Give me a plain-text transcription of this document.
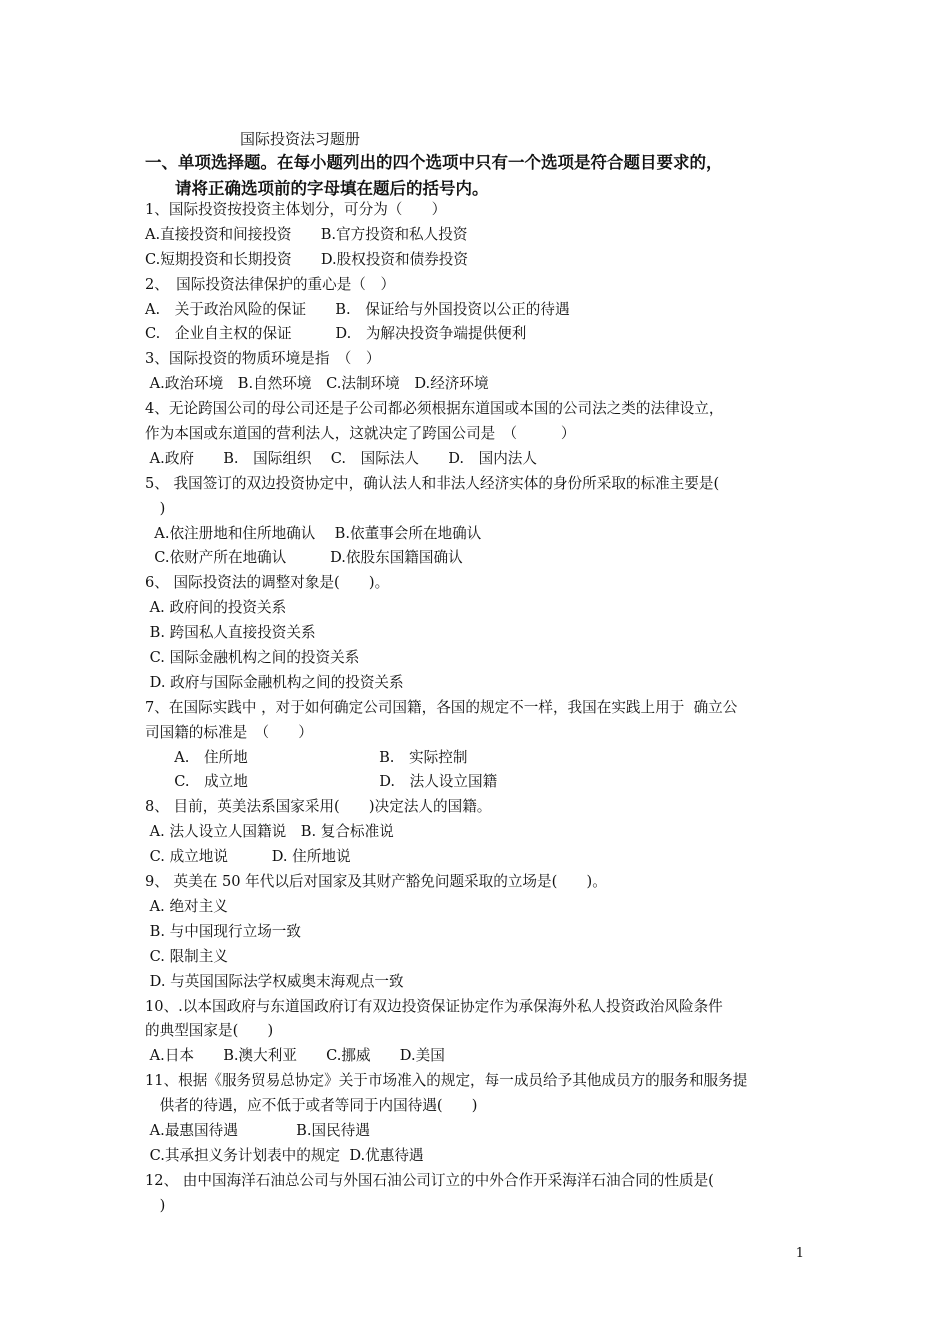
国际投资法习题册
一、单项选择题。在每小题列出的四个选项中只有一个选项是符合题目要求的，
请将正确选项前的字母填在题后的括号内。
1、国际投资按投资主体划分，可分为（　　）
A.直接投资和间接投资　　B.官方投资和私人投资
C.短期投资和长期投资　　D.股权投资和债券投资
2、　国际投资法律保护的重心是（　）
A.　关于政治风险的保证　　B.　保证给与外国投资以公正的待遇
C.　企业自主权的保证　　　D.　为解决投资争端提供便利
3、国际投资的物质环境是指　（　）
A.政治环境　B.自然环境　C.法制环境　D.经济环境
4、无论跨国公司的母公司还是子公司都必须根据东道国或本国的公司法之类的法律设立，
作为本国或东道国的营利法人，这就决定了跨国公司是　（　　　）
A.政府　　B.　国际组织　 C.　国际法人　　D.　国内法人
5、 我国签订的双边投资协定中，确认法人和非法人经济实体的身份所采取的标准主要是(
　)
A.依注册地和住所地确认　 B.依董事会所在地确认
C.依财产所在地确认　　　D.依股东国籍国确认
6、 国际投资法的调整对象是(　　)。
A. 政府间的投资关系
B. 跨国私人直接投资关系
C. 国际金融机构之间的投资关系
D. 政府与国际金融机构之间的投资关系
7、在国际实践中 ，对于如何确定公司国籍，各国的规定不一样，我国在实践上用于  确立公
司国籍的标准是　（　　）
　　A.　住所地　　　　　　　　　B.　实际控制
　　C.　成立地　　　　　　　　　D.　法人设立国籍
8、 目前，英美法系国家采用(　　)决定法人的国籍。
A. 法人设立人国籍说　B. 复合标准说
C. 成立地说　　　D. 住所地说
9、 英美在 50 年代以后对国家及其财产豁免问题采取的立场是(　　)。
A. 绝对主义
B. 与中国现行立场一致
C. 限制主义
D. 与英国国际法学权威奥末海观点一致
10、.以本国政府与东道国政府订有双边投资保证协定作为承保海外私人投资政治风险条件
的典型国家是(　　)
A.日本　　B.澳大利亚　　C.挪威　　D.美国
11、根据《服务贸易总协定》关于市场准入的规定，每一成员给予其他成员方的服务和服务提
　供者的待遇，应不低于或者等同于内国待遇(　　)
A.最惠国待遇　　　　B.国民待遇
C.其承担义务计划表中的规定  D.优惠待遇
12、 由中国海洋石油总公司与外国石油公司订立的中外合作开采海洋石油合同的性质是(
　)
1
